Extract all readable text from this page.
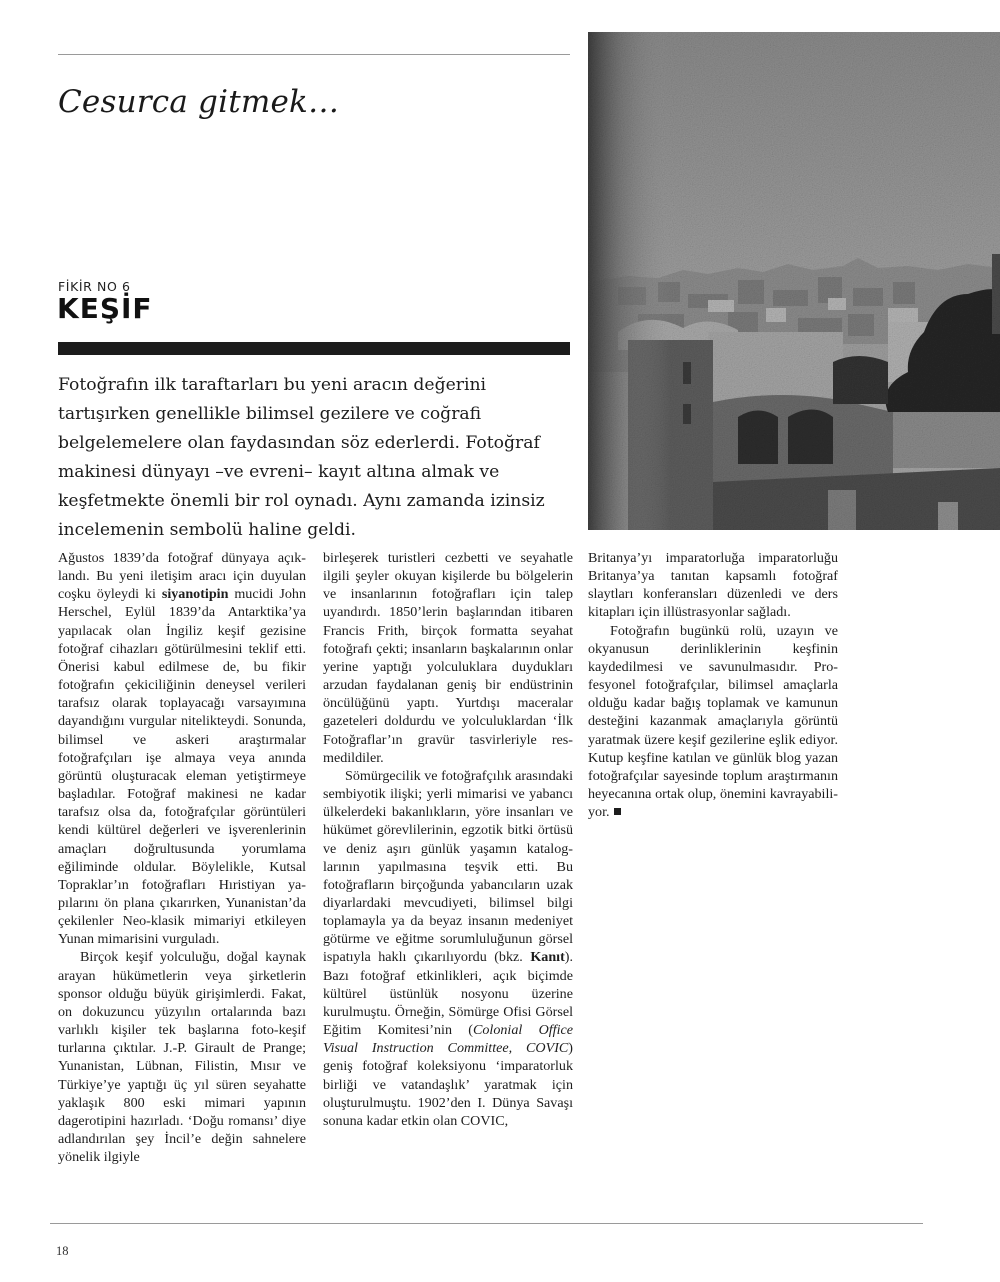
Cesurca gitmek…
FİKİR NO 6
KEŞİF

Fotoğrafın ilk taraftarları bu yeni aracın değerini tartışırken genellikle bilimsel gezilere ve coğrafi belgelemelere olan faydasından söz ederlerdi. Fotoğraf makinesi dünyayı –ve evreni– kayıt altına almak ve keşfetmekte önemli bir rol oynadı. Aynı zamanda izinsiz incelemenin sembolü haline geldi.

Ağustos 1839’da fotoğraf dünyaya açıklandı. Bu yeni iletişim aracı için duyulan coşku öyleydi ki siyanotipin mucidi John Herschel, Eylül 1839’da Antarktika’ya yapılacak olan İngiliz keşif gezisine fotoğraf cihazları götürülmesini teklif etti. Önerisi kabul edilmese de, bu fikir fotoğrafın çekiciliğinin deneysel verileri tarafsız olarak toplayacağı varsayımına dayandığını vurgular nitelikteydi. Sonunda, bilimsel ve askeri araştırmalar fotoğrafçıları işe almaya veya anında görüntü oluşturacak eleman yetiştirmeye başladılar. Fotoğraf makinesi ne kadar tarafsız olsa da, fotoğrafçılar görüntüleri kendi kültürel değerleri ve işverenlerinin amaçları doğrultusunda yorumlama eğiliminde oldular. Böylelikle, Kutsal Topraklar’ın fotoğrafları Hıristiyan yapılarını ön plana çıkarırken, Yunanistan’da çekilenler Neo-klasik mimariyi etkileyen Yunan mimarisini vurguladı.

Birçok keşif yolculuğu, doğal kaynak arayan hükümetlerin veya şirketlerin sponsor olduğu büyük girişimlerdi. Fakat, on dokuzuncu yüzyılın ortalarında bazı varlıklı kişiler tek başlarına foto-keşif turlarına çıktılar. J.-P. Girault de Prange; Yunanistan, Lübnan, Filistin, Mısır ve Türkiye’ye yaptığı üç yıl süren seyahatte yaklaşık 800 eski mimari yapının dagerotipini hazırladı. ‘Doğu romansı’ diye adlandırılan şey İncil’e değin sahnelere yönelik ilgiyle

birleşerek turistleri cezbetti ve seyahatle ilgili şeyler okuyan kişilerde bu bölgelerin ve insanlarının fotoğrafları için talep uyandırdı. 1850’lerin başlarından itibaren Francis Frith, birçok formatta seyahat fotoğrafı çekti; insanların başkalarının onlar yerine yaptığı yolculuklara duydukları arzudan faydalanan geniş bir endüstrinin öncülüğünü yaptı. Yurtdışı maceralar gazeteleri doldurdu ve yolculuklardan ‘İlk Fotoğraflar’ın gravür tasvirleriyle resmedildiler.

Sömürgecilik ve fotoğrafçılık arasındaki sembiyotik ilişki; yerli mimarisi ve yabancı ülkelerdeki bakanlıkların, yöre insanları ve hükümet görevlilerinin, egzotik bitki örtüsü ve deniz aşırı günlük yaşamın kataloglarının yapılmasına teşvik etti. Bu fotoğrafların birçoğunda yabancıların uzak diyarlardaki mevcudiyeti, bilimsel bilgi toplamayla ya da beyaz insanın medeniyet götürme ve eğitme sorumluluğunun görsel ispatıyla haklı çıkarılıyordu (bkz. Kanıt). Bazı fotoğraf etkinlikleri, açık biçimde kültürel üstünlük nosyonu üzerine kurulmuştu. Örneğin, Sömürge Ofisi Görsel Eğitim Komitesi’nin (Colonial Office Visual Instruction Committee, COVIC) geniş fotoğraf koleksiyonu ‘imparatorluk birliği ve vatandaşlık’ yaratmak için oluşturulmuştu. 1902’den I. Dünya Savaşı sonuna kadar etkin olan COVIC,

Britanya’yı imparatorluğa imparatorluğu Britanya’ya tanıtan kapsamlı fotoğraf slaytları konferansları düzenledi ve ders kitapları için illüstrasyonlar sağladı.

Fotoğrafın bugünkü rolü, uzayın ve okyanusun derinliklerinin keşfinin kaydedilmesi ve savunulmasıdır. Profesyonel fotoğrafçılar, bilimsel amaçlarla olduğu kadar bağış toplamak ve kamunun desteğini kazanmak amaçlarıyla görüntü yaratmak üzere keşif gezilerine eşlik ediyor. Kutup keşfine katılan ve günlük blog yazan fotoğrafçılar sayesinde toplum araştırmanın heyecanına ortak olup, önemini kavrayabiliyor.

18
